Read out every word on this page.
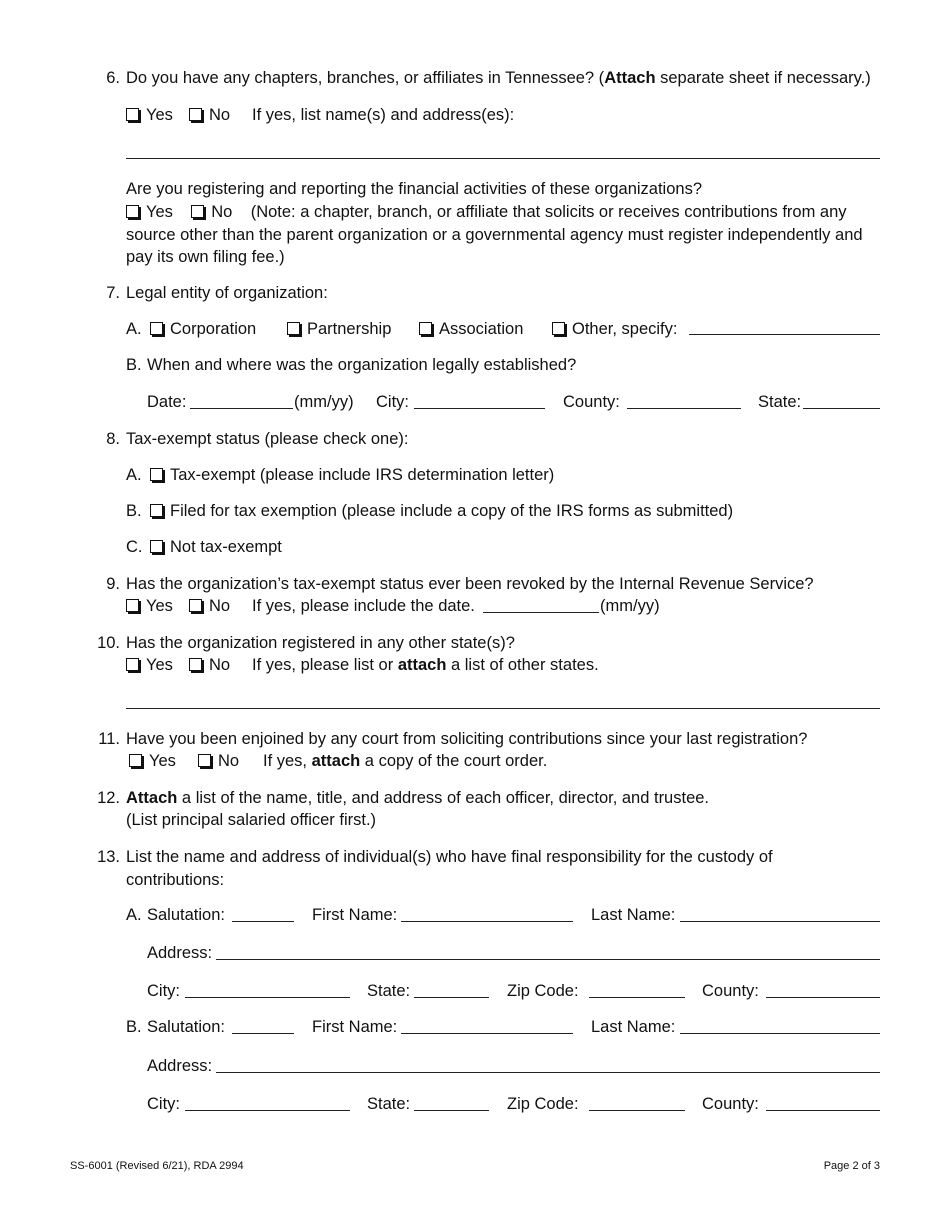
6. Do you have any chapters, branches, or affiliates in Tennessee? (Attach separate sheet if necessary.)
Yes	No If yes, list name(s) and address(es):
Are you registering and reporting the financial activities of these organizations?
Yes No (Note: a chapter, branch, or affiliate that solicits or receives contributions from any source other than the parent organization or a governmental agency must register independently and pay its own filing fee.)
7. Legal entity of organization:
A.	Corporation	Partnership	Association	Other, specify:
B. When and where was the organization legally established?
Date:	(mm/yy) City:	County:	State:
8. Tax-exempt status (please check one):
A.	Tax-exempt (please include IRS determination letter)
B.	Filed for tax exemption (please include a copy of the IRS forms as submitted)
C.	Not tax-exempt
9. Has the organization’s tax-exempt status ever been revoked by the Internal Revenue Service?
Yes	No If yes, please include the date.	(mm/yy)
10. Has the organization registered in any other state(s)?
Yes	No If yes, please list or attach a list of other states.
11. Have you been enjoined by any court from soliciting contributions since your last registration?
Yes	No If yes, attach a copy of the court order.
12. Attach a list of the name, title, and address of each officer, director, and trustee.
(List principal salaried officer first.)
13. List the name and address of individual(s) who have final responsibility for the custody of contributions:
A. Salutation:	First Name:	Last Name:
Address:
City:	State:	Zip Code:	County:
B. Salutation:	First Name:	Last Name:
Address:
City:	State:	Zip Code:	County:
SS-6001 (Revised 6/21), RDA 2994	Page 2 of 3
